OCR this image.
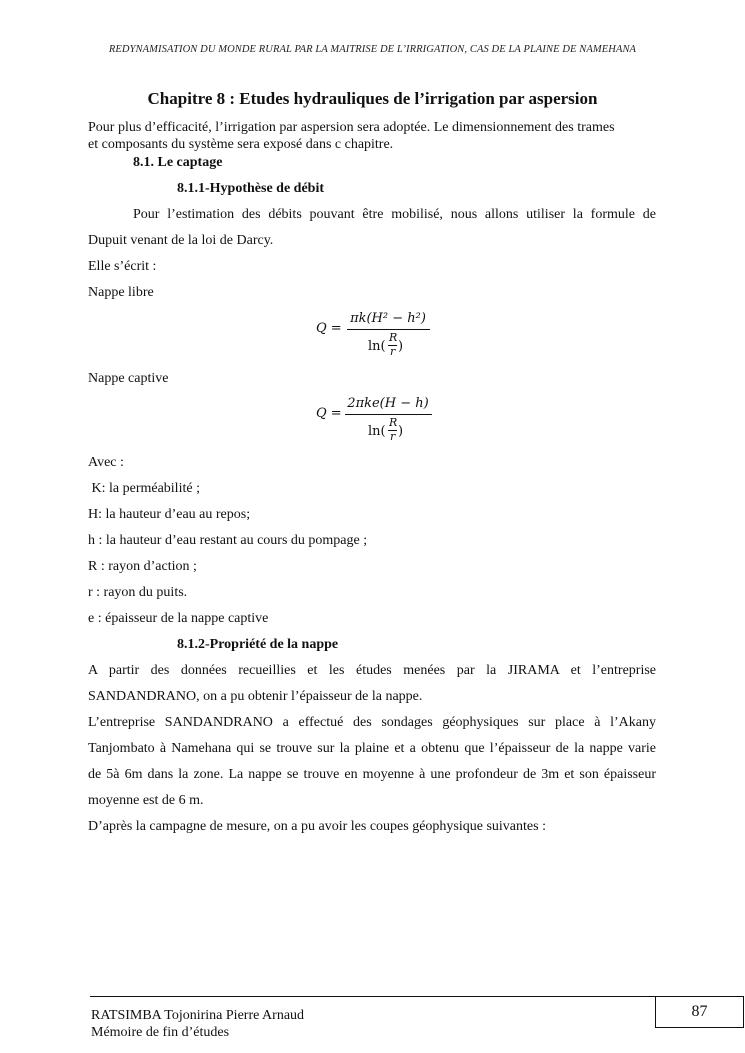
REDYNAMISATION DU MONDE RURAL PAR LA MAITRISE DE L’IRRIGATION, CAS DE LA PLAINE DE NAMEHANA
Chapitre 8 : Etudes hydrauliques de l’irrigation par aspersion
Pour plus d’efficacité, l’irrigation par aspersion sera adoptée. Le dimensionnement des trames
et composants du système sera exposé dans c chapitre.
8.1. Le captage
8.1.1-Hypothèse de débit
Pour l’estimation des débits pouvant être mobilisé, nous allons utiliser la formule de
Dupuit venant de la loi de Darcy.
Elle s’écrit :
Nappe libre
Q =
πk(H² − h²)
ln(
R
r )
Nappe captive
Q =
2πke(H − h)
ln(
R
r )
Avec :
K: la perméabilité ;
H: la hauteur d’eau au repos;
h : la hauteur d’eau restant au cours du pompage ;
R : rayon d’action ;
r : rayon du puits.
e : épaisseur de la nappe captive
8.1.2-Propriété de la nappe
A partir des données recueillies et les études menées par la JIRAMA et l’entreprise
SANDANDRANO, on a pu obtenir l’épaisseur de la nappe.
L’entreprise SANDANDRANO a effectué des sondages géophysiques sur place à l’Akany
Tanjombato à Namehana qui se trouve sur la plaine et a obtenu que l’épaisseur de la nappe varie
de 5à 6m dans la zone. La nappe se trouve en moyenne à une profondeur de 3m et son épaisseur
moyenne est de 6 m.
D’après la campagne de mesure, on a pu avoir les coupes géophysique suivantes :
87
RATSIMBA Tojonirina Pierre Arnaud
Mémoire de fin d’études
